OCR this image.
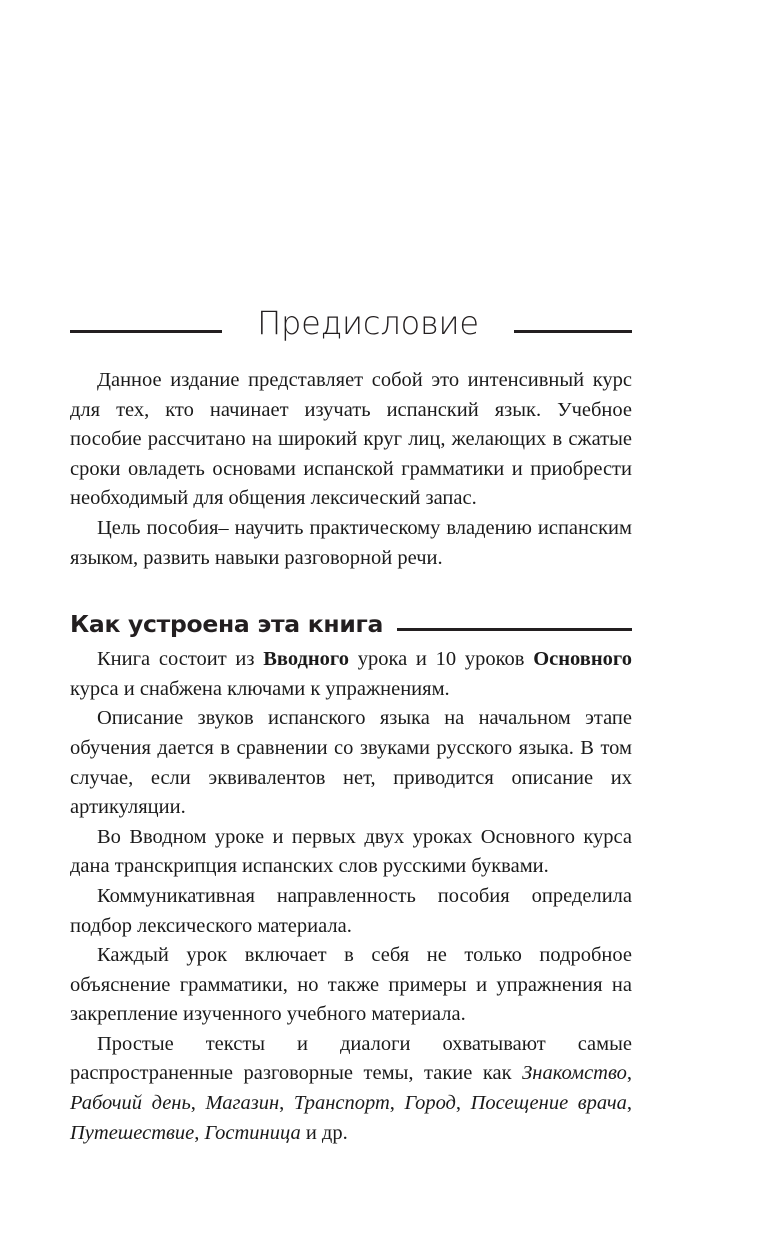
Предисловие

Данное издание представляет собой это интенсивный курс для тех, кто начинает изучать испанский язык. Учебное пособие рассчитано на широкий круг лиц, желающих в сжатые сроки овладеть основами испанской грамматики и приобрести необходимый для общения лексический запас.

Цель пособия– научить практическому владению испанским языком, развить навыки разговорной речи.

Как устроена эта книга

Книга состоит из Вводного урока и 10 уроков Основного курса и снабжена ключами к упражнениям.

Описание звуков испанского языка на начальном этапе обучения дается в сравнении со звуками русского языка. В том случае, если эквивалентов нет, приводится описание их артикуляции.

Во Вводном уроке и первых двух уроках Основного курса дана транскрипция испанских слов русскими буквами.

Коммуникативная направленность пособия определила подбор лексического материала.

Каждый урок включает в себя не только подробное объяснение грамматики, но также примеры и упражнения на закрепление изученного учебного материала.

Простые тексты и диалоги охватывают самые распространенные разговорные темы, такие как Знакомство, Рабочий день, Магазин, Транспорт, Город, Посещение врача, Путешествие, Гостиница и др.
